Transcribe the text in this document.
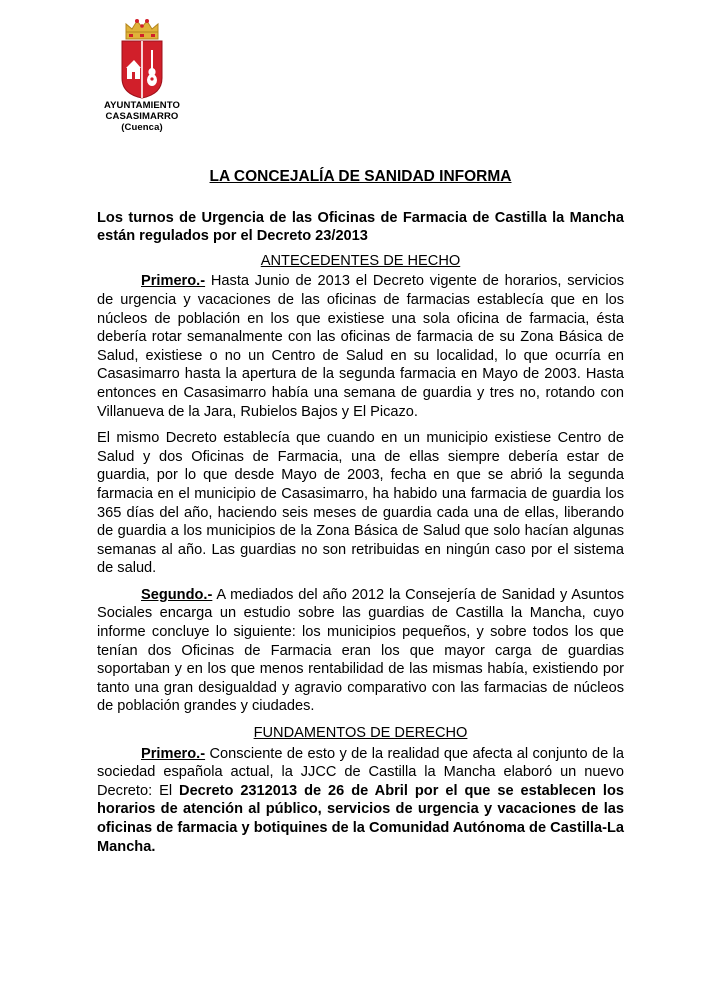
AYUNTAMIENTO
CASASIMARRO
(Cuenca)
LA CONCEJALÍA DE SANIDAD INFORMA
Los turnos de Urgencia de las Oficinas de Farmacia de Castilla la Mancha están regulados por el Decreto 23/2013
ANTECEDENTES DE HECHO

Primero.- Hasta Junio de 2013 el Decreto vigente de horarios, servicios de urgencia y vacaciones de las oficinas de farmacias establecía que en los núcleos de población en los que existiese una sola oficina de farmacia, ésta debería rotar semanalmente con las oficinas de farmacia de su Zona Básica de Salud, existiese o no un Centro de Salud en su localidad, lo que ocurría en Casasimarro hasta la apertura de la segunda farmacia en Mayo de 2003. Hasta entonces en Casasimarro había una semana de guardia y tres no, rotando con Villanueva de la Jara, Rubielos Bajos y El Picazo.

El mismo Decreto establecía que cuando en un municipio existiese Centro de Salud y dos Oficinas de Farmacia, una de ellas siempre debería estar de guardia, por lo que desde Mayo de 2003, fecha en que se abrió la segunda farmacia en el municipio de Casasimarro, ha habido una farmacia de guardia los 365 días del año, haciendo seis meses de guardia cada una de ellas, liberando de guardia a los municipios de la Zona Básica de Salud que solo hacían algunas semanas al año. Las guardias no son retribuidas en ningún caso por el sistema de salud.

Segundo.- A mediados del año 2012 la Consejería de Sanidad y Asuntos Sociales encarga un estudio sobre las guardias de Castilla la Mancha, cuyo informe concluye lo siguiente: los municipios pequeños, y sobre todos los que tenían dos Oficinas de Farmacia eran los que mayor carga de guardias soportaban y en los que menos rentabilidad de las mismas había, existiendo por tanto una gran desigualdad y agravio comparativo con las farmacias de núcleos de población grandes y ciudades.

FUNDAMENTOS DE DERECHO

Primero.- Consciente de esto y de la realidad que afecta al conjunto de la sociedad española actual, la JJCC de Castilla la Mancha elaboró un nuevo Decreto: El Decreto 2312013 de 26 de Abril por el que se establecen los horarios de atención al público, servicios de urgencia y vacaciones de las oficinas de farmacia y botiquines de la Comunidad Autónoma de Castilla-La Mancha.
